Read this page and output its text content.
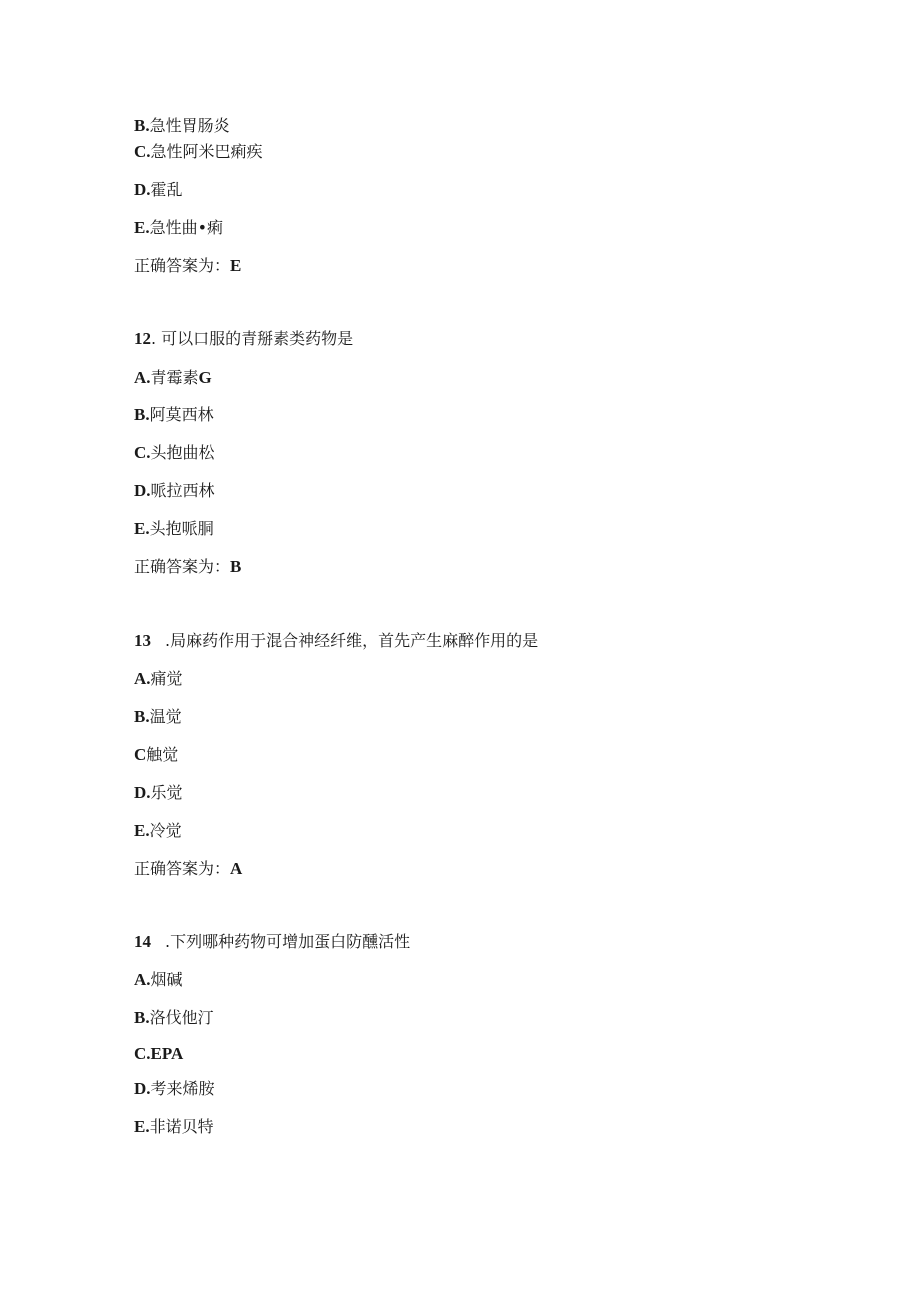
B.急性胃肠炎
C.急性阿米巴痢疾
D.霍乱
E.急性曲•痢
正确答案为：E
12. 可以口服的青掰素类药物是
A.青霉素G
B.阿莫西林
C.头抱曲松
D.哌拉西林
E.头抱哌胴
正确答案为：B
13 .局麻药作用于混合神经纤维，首先产生麻醉作用的是
A.痛觉
B.温觉
C触觉
D.乐觉
E.冷觉
正确答案为：A
14 .下列哪种药物可增加蛋白防醺活性
A.烟碱
B.洛伐他汀
C.EPA
D.考来烯胺
E.非诺贝特
